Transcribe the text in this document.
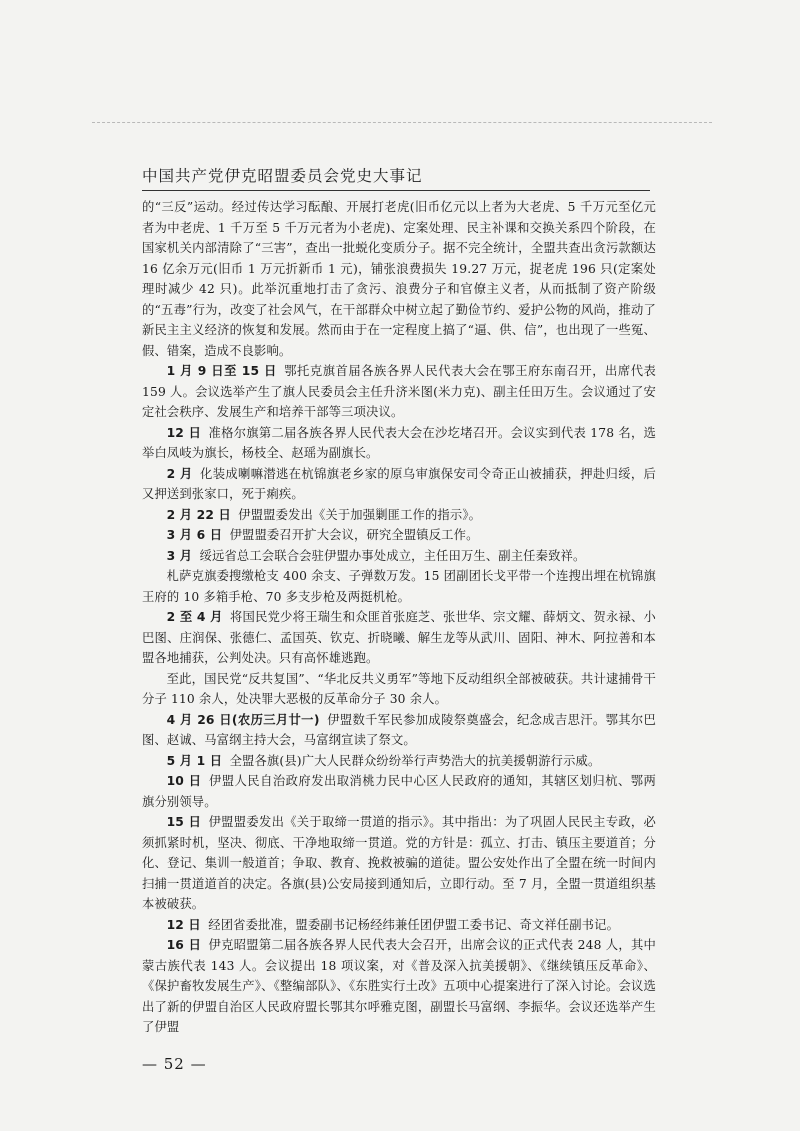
中国共产党伊克昭盟委员会党史大事记

的“三反”运动。经过传达学习酝酿、开展打老虎(旧币亿元以上者为大老虎、5 千万元至亿元者为中老虎、1 千万至 5 千万元者为小老虎)、定案处理、民主补课和交换关系四个阶段，在国家机关内部清除了“三害”，查出一批蜕化变质分子。据不完全统计，全盟共查出贪污款额达 16 亿余万元(旧币 1 万元折新币 1 元)，铺张浪费损失 19.27 万元，捉老虎 196 只(定案处理时减少 42 只)。此举沉重地打击了贪污、浪费分子和官僚主义者，从而抵制了资产阶级的“五毒”行为，改变了社会风气，在干部群众中树立起了勤俭节约、爱护公物的风尚，推动了新民主主义经济的恢复和发展。然而由于在一定程度上搞了“逼、供、信”，也出现了一些冤、假、错案，造成不良影响。

1 月 9 日至 15 日 鄂托克旗首届各族各界人民代表大会在鄂王府东南召开，出席代表 159 人。会议选举产生了旗人民委员会主任升济米图(米力克)、副主任田万生。会议通过了安定社会秩序、发展生产和培养干部等三项决议。

12 日 准格尔旗第二届各族各界人民代表大会在沙圪堵召开。会议实到代表 178 名，选举白凤岐为旗长，杨枝全、赵瑶为副旗长。

2 月 化装成喇嘛潜逃在杭锦旗老乡家的原乌审旗保安司令奇正山被捕获，押赴归绥，后又押送到张家口，死于痢疾。

2 月 22 日 伊盟盟委发出《关于加强剿匪工作的指示》。

3 月 6 日 伊盟盟委召开扩大会议，研究全盟镇反工作。

3 月 绥远省总工会联合会驻伊盟办事处成立，主任田万生、副主任秦致祥。

札萨克旗委搜缴枪支 400 余支、子弹数万发。15 团副团长戈平带一个连搜出埋在杭锦旗王府的 10 多箱手枪、70 多支步枪及两挺机枪。

2 至 4 月 将国民党少将王瑞生和众匪首张庭芝、张世华、宗文耀、薛炳文、贺永禄、小巴图、庄润保、张德仁、孟国英、钦克、折晓曦、解生龙等从武川、固阳、神木、阿拉善和本盟各地捕获，公判处决。只有高怀雄逃跑。

至此，国民党“反共复国”、“华北反共义勇军”等地下反动组织全部被破获。共计逮捕骨干分子 110 余人，处决罪大恶极的反革命分子 30 余人。

4 月 26 日(农历三月廿一) 伊盟数千军民参加成陵祭奠盛会，纪念成吉思汗。鄂其尔巴图、赵诚、马富纲主持大会，马富纲宣读了祭文。

5 月 1 日 全盟各旗(县)广大人民群众纷纷举行声势浩大的抗美援朝游行示威。

10 日 伊盟人民自治政府发出取消桃力民中心区人民政府的通知，其辖区划归杭、鄂两旗分别领导。

15 日 伊盟盟委发出《关于取缔一贯道的指示》。其中指出：为了巩固人民民主专政，必须抓紧时机，坚决、彻底、干净地取缔一贯道。党的方针是：孤立、打击、镇压主要道首；分化、登记、集训一般道首；争取、教育、挽救被骗的道徒。盟公安处作出了全盟在统一时间内扫捕一贯道道首的决定。各旗(县)公安局接到通知后，立即行动。至 7 月，全盟一贯道组织基本被破获。

12 日 经团省委批准，盟委副书记杨经纬兼任团伊盟工委书记、奇文祥任副书记。

16 日 伊克昭盟第二届各族各界人民代表大会召开，出席会议的正式代表 248 人，其中蒙古族代表 143 人。会议提出 18 项议案，对《普及深入抗美援朝》、《继续镇压反革命》、《保护畜牧发展生产》、《整编部队》、《东胜实行土改》五项中心提案进行了深入讨论。会议选出了新的伊盟自治区人民政府盟长鄂其尔呼雅克图，副盟长马富纲、李振华。会议还选举产生了伊盟

— 52 —
